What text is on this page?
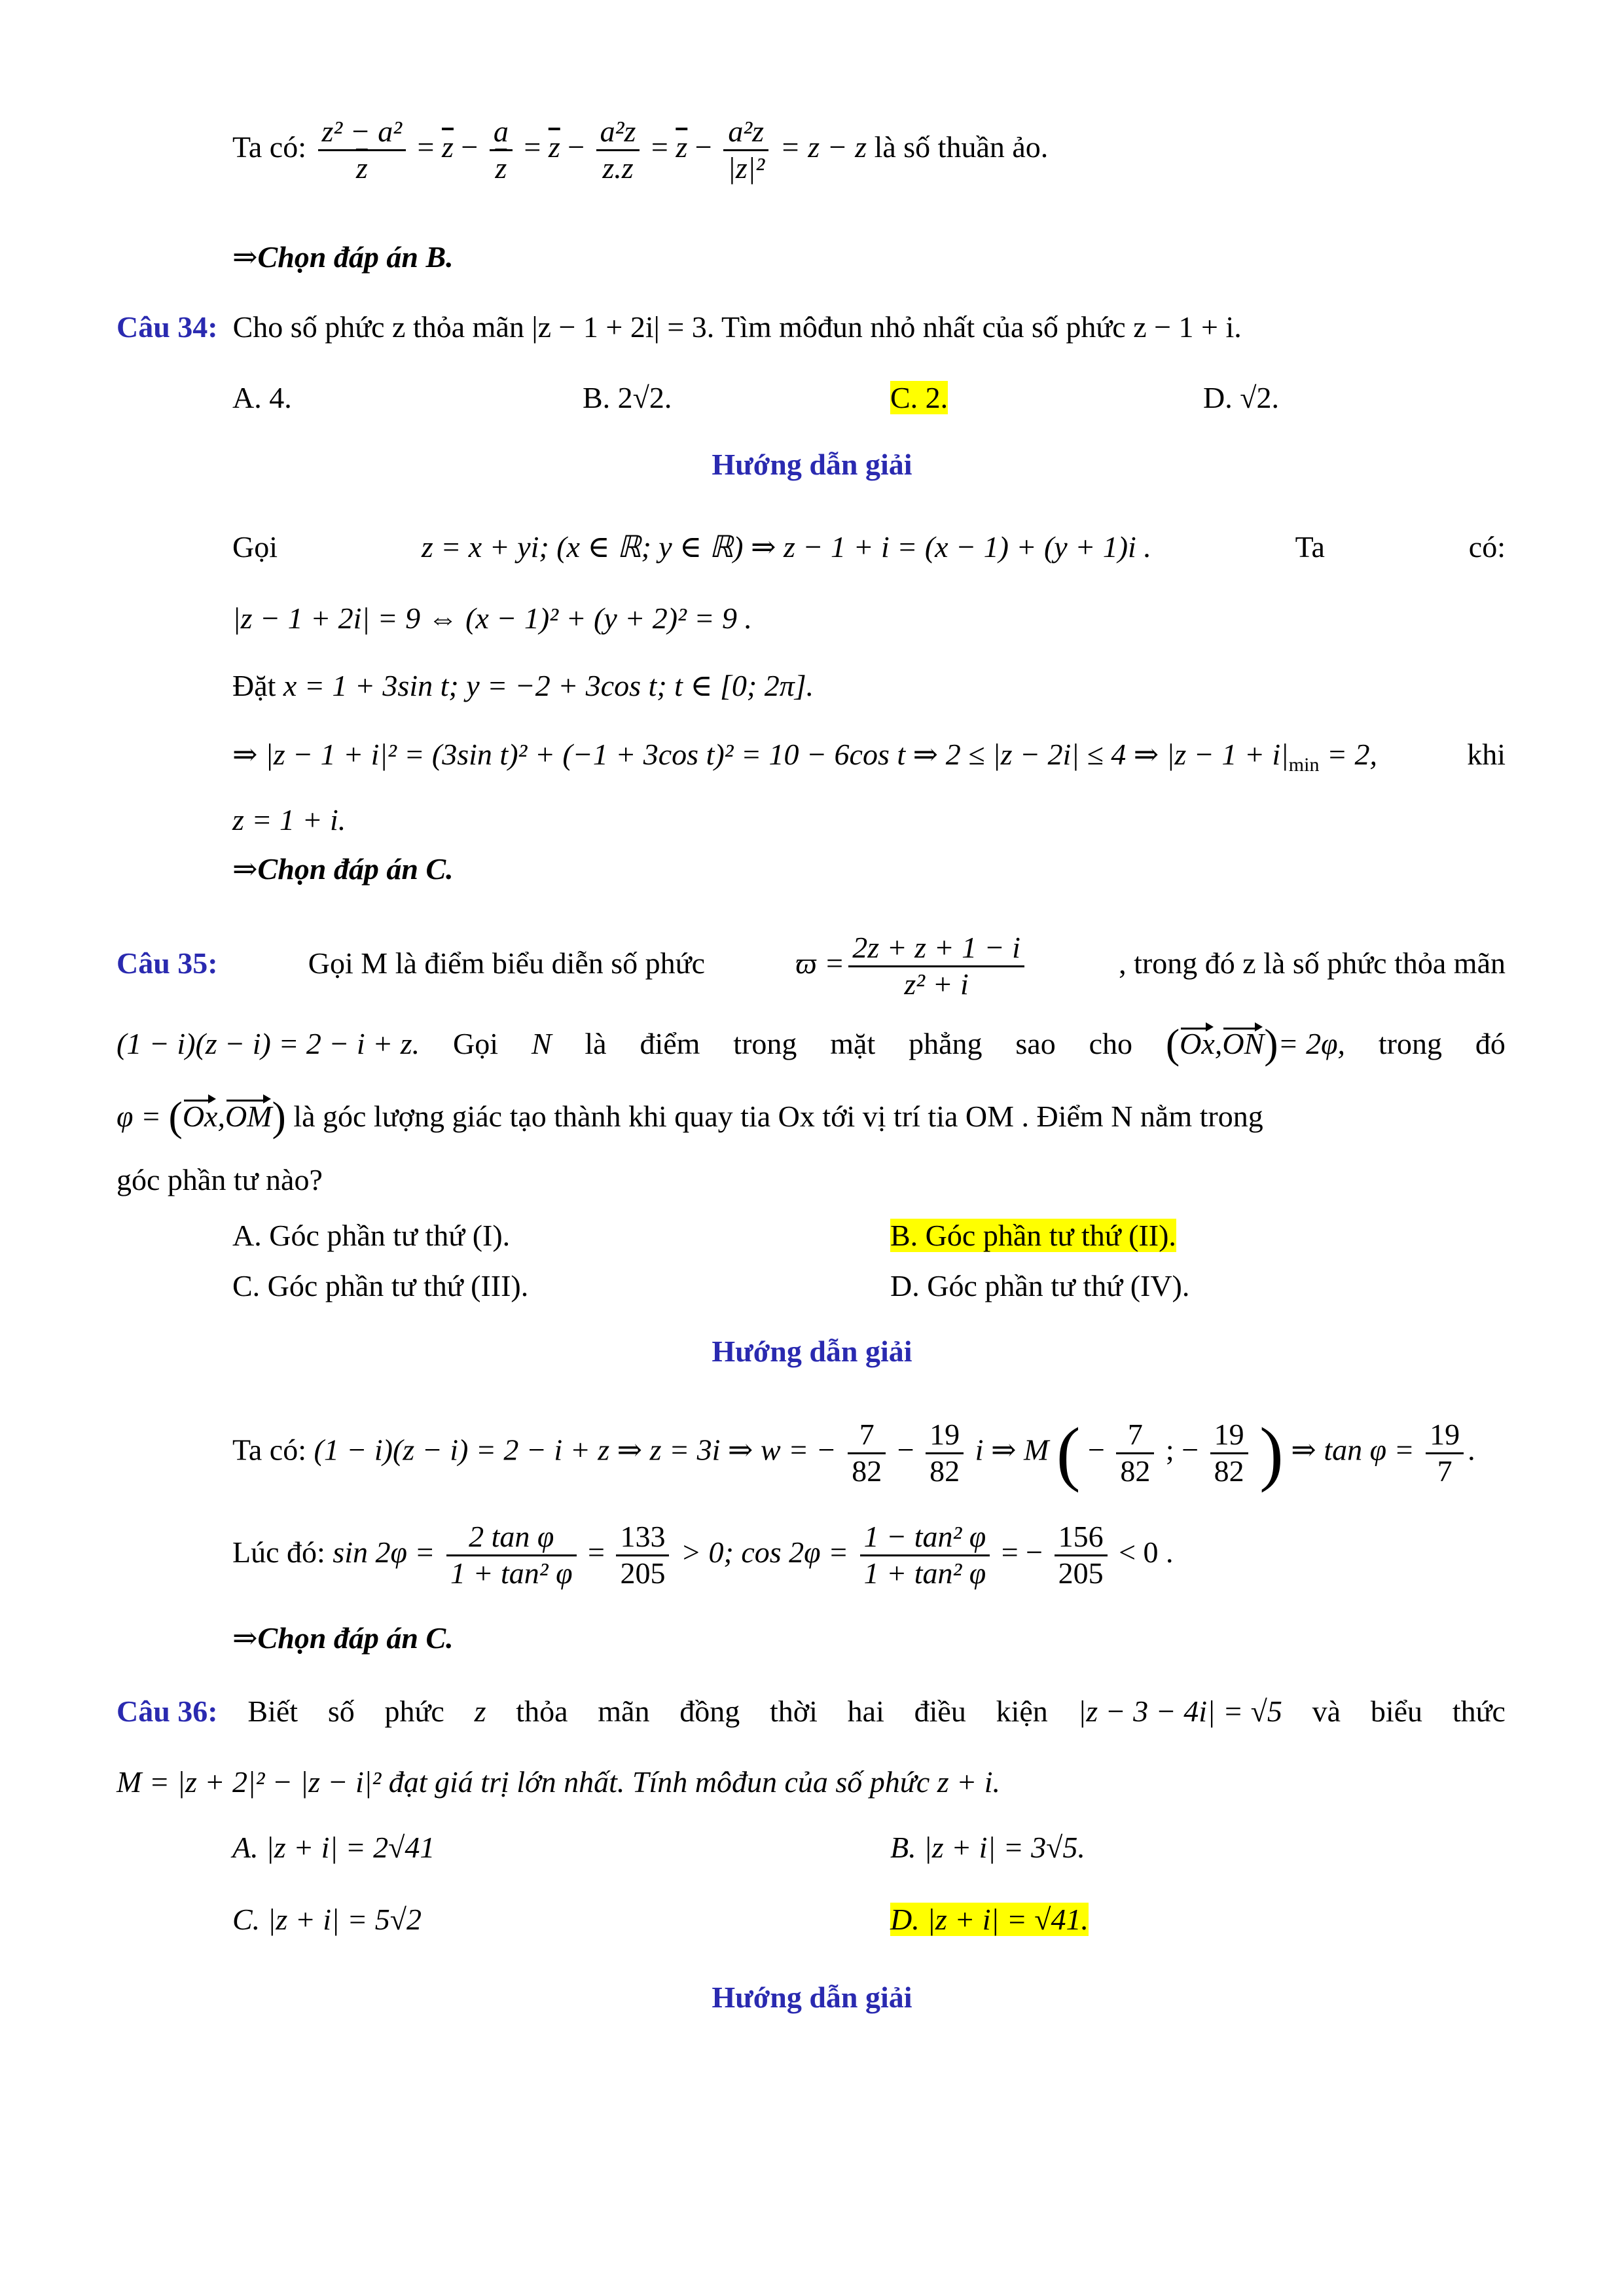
Ta có: $\frac{\text{z² − a²}}{z} = \overline{z} - \frac{a}{z} = \overline{z} - \frac{\text{a²z}}{z.z} = \overline{z} - \frac{\text{a²z}}{\text{|z|²}} = z - z$ là số thuần ảo.
⇒Chọn đáp án B.
Câu 34: Cho số phức z thỏa mãn |z − 1 + 2i| = 3. Tìm môđun nhỏ nhất của số phức z − 1 + i.
A. 4.	B. 2√2.	C. 2.	D. √2.
Hướng dẫn giải
Gọi	z = x + yi; (x ∈ ℝ; y ∈ ℝ) ⇒ z − 1 + i = (x − 1) + (y + 1)i .	Ta	có:
|z − 1 + 2i| = 9 ⇔ (x − 1)² + (y + 2)² = 9 .
Đặt x = 1 + 3sin t; y = −2 + 3cos t; t ∈ [0; 2π].
⇒ |z − 1 + i|² = (3sin t)² + (−1 + 3cos t)² = 10 − 6cos t ⇒ 2 ≤ |z − 2i| ≤ 4 ⇒ $|z - 1 + i|_{min} = 2$,	khi
z = 1 + i.
⇒Chọn đáp án C.
Câu 35:	Gọi M là điểm biểu diễn số phức	$ϖ = \frac{2z + z + 1 - i}{\text{z² + i}}$	, trong đó z là số phức thỏa mãn
(1 − i)(z − i) = 2 − i + z. Gọi N là điểm trong mặt phẳng sao cho (Ox,ON)= 2φ, trong đó
φ = (Ox,OM) là góc lượng giác tạo thành khi quay tia Ox tới vị trí tia OM . Điểm N nằm trong
góc phần tư nào?
A. Góc phần tư thứ (I).	B. Góc phần tư thứ (II).
C. Góc phần tư thứ (III).	D. Góc phần tư thứ (IV).
Hướng dẫn giải
Ta có: (1 − i)(z − i) = 2 − i + z ⇒ z = 3i ⇒ w = − $\frac{7}{82} - \frac{19}{82}$ i ⇒ M ( − $\frac{7}{82}$ ; − $\frac{19}{82}$ ) ⇒ $\tan \varphi = \frac{19}{7}$ .
Lúc đó: $\sin 2\varphi = \frac{\text{2 tan φ}}{\text{1 + tan² φ}} = \frac{133}{205} > 0$; $\cos 2\varphi = \frac{\text{1 − tan² φ}}{\text{1 + tan² φ}}$ = − $\frac{156}{205} < 0$ .
⇒Chọn đáp án C.
Câu 36: Biết số phức z thỏa mãn đồng thời hai điều kiện |z − 3 − 4i| = √5 và biểu thức
M = |z + 2|² − |z − i|² đạt giá trị lớn nhất. Tính môđun của số phức z + i.
A. |z + i| = 2√41	B. |z + i| = 3√5.
C. |z + i| = 5√2	D. |z + i| = √41.
Hướng dẫn giải
